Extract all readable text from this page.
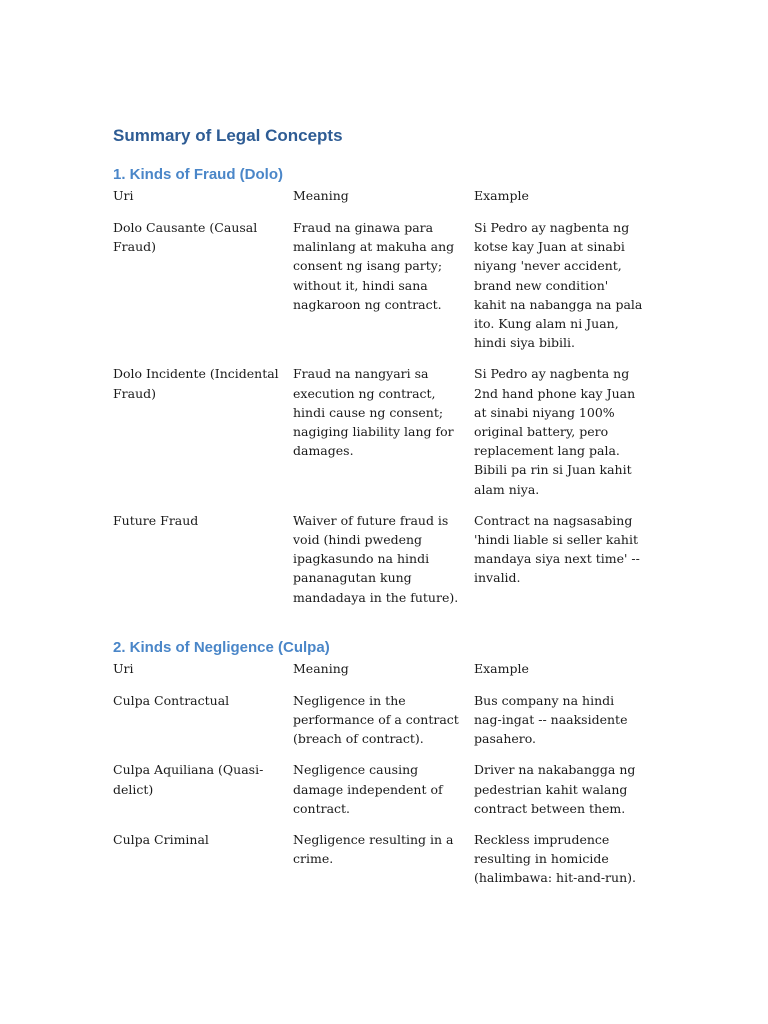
Summary of Legal Concepts
1. Kinds of Fraud (Dolo)
Uri	Meaning	Example
Dolo Causante (Causal Fraud)	Fraud na ginawa para malinlang at makuha ang consent ng isang party; without it, hindi sana nagkaroon ng contract.	Si Pedro ay nagbenta ng kotse kay Juan at sinabi niyang 'never accident, brand new condition' kahit na nabangga na pala ito. Kung alam ni Juan, hindi siya bibili.
Dolo Incidente (Incidental Fraud)	Fraud na nangyari sa execution ng contract, hindi cause ng consent; nagiging liability lang for damages.	Si Pedro ay nagbenta ng 2nd hand phone kay Juan at sinabi niyang 100% original battery, pero replacement lang pala. Bibili pa rin si Juan kahit alam niya.
Future Fraud	Waiver of future fraud is void (hindi pwedeng ipagkasundo na hindi pananagutan kung mandadaya in the future).	Contract na nagsasabing 'hindi liable si seller kahit mandaya siya next time' -- invalid.
2. Kinds of Negligence (Culpa)
Uri	Meaning	Example
Culpa Contractual	Negligence in the performance of a contract (breach of contract).	Bus company na hindi nag-ingat -- naaksidente pasahero.
Culpa Aquiliana (Quasi-delict)	Negligence causing damage independent of contract.	Driver na nakabangga ng pedestrian kahit walang contract between them.
Culpa Criminal	Negligence resulting in a crime.	Reckless imprudence resulting in homicide (halimbawa: hit-and-run).
